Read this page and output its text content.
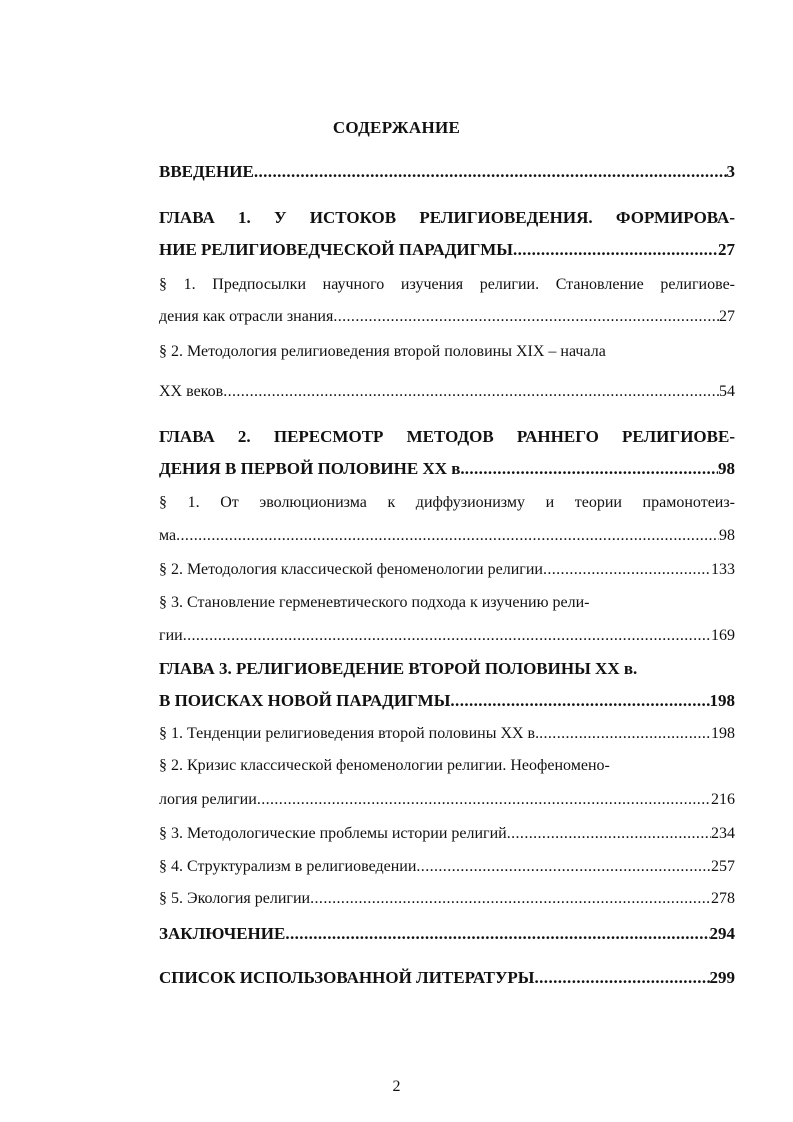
СОДЕРЖАНИЕ
ВВЕДЕНИЕ .....	3
ГЛАВА 1. У ИСТОКОВ РЕЛИГИОВЕДЕНИЯ. ФОРМИРОВА-
НИЕ РЕЛИГИОВЕДЧЕСКОЙ ПАРАДИГМЫ .....	27
§ 1. Предпосылки научного изучения религии. Становление религиове-
дения как отрасли знания .....	27
§ 2. Методология религиоведения второй половины XIX – начала
XX веков .....	54
ГЛАВА 2. ПЕРЕСМОТР МЕТОДОВ РАННЕГО РЕЛИГИОВЕ-
ДЕНИЯ В ПЕРВОЙ ПОЛОВИНЕ XX в. .....	98
§ 1. От эволюционизма к диффузионизму и теории прамонотеиз-
ма .....	98
§ 2. Методология классической феноменологии религии .....	133
§ 3. Становление герменевтического подхода к изучению рели-
гии .....	169
ГЛАВА 3. РЕЛИГИОВЕДЕНИЕ ВТОРОЙ ПОЛОВИНЫ XX в.
В ПОИСКАХ НОВОЙ ПАРАДИГМЫ .....	198
§ 1. Тенденции религиоведения второй половины XX в. .....	198
§ 2. Кризис классической феноменологии религии. Неофеномено-
логия религии .....	216
§ 3. Методологические проблемы истории религий .....	234
§ 4. Структурализм в религиоведении .....	257
§ 5. Экология религии .....	278
ЗАКЛЮЧЕНИЕ .....	294
СПИСОК ИСПОЛЬЗОВАННОЙ ЛИТЕРАТУРЫ .....	299
2
